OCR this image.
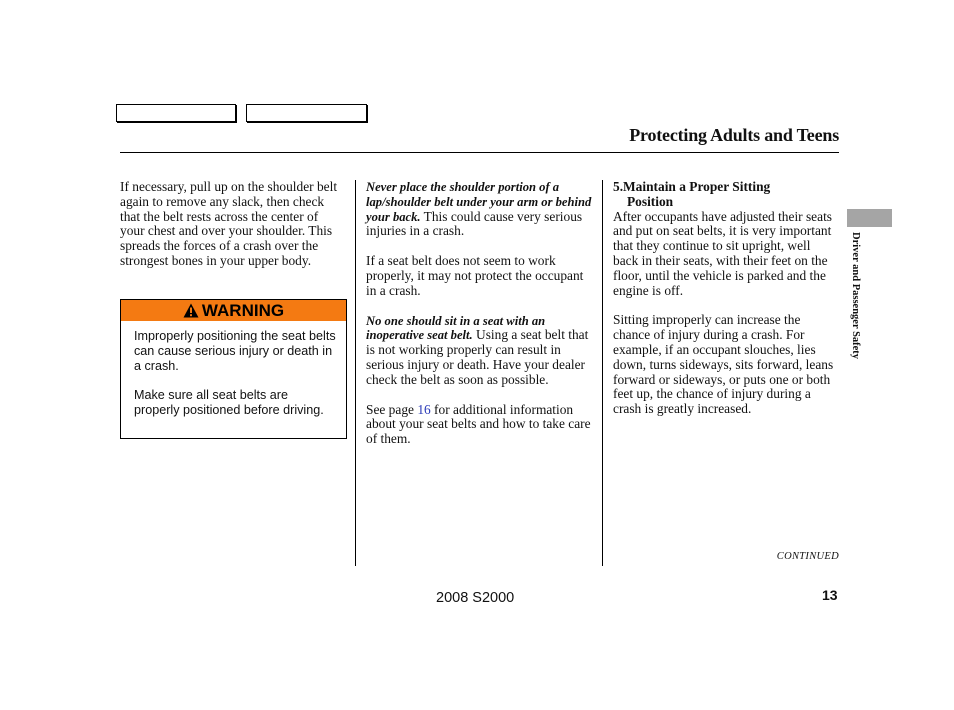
Protecting Adults and Teens

If necessary, pull up on the shoulder belt again to remove any slack, then check that the belt rests across the center of your chest and over your shoulder. This spreads the forces of a crash over the strongest bones in your upper body.

WARNING

Improperly positioning the seat belts can cause serious injury or death in a crash.

Make sure all seat belts are properly positioned before driving.

Never place the shoulder portion of a lap/shoulder belt under your arm or behind your back. This could cause very serious injuries in a crash.

If a seat belt does not seem to work properly, it may not protect the occupant in a crash.

No one should sit in a seat with an inoperative seat belt. Using a seat belt that is not working properly can result in serious injury or death. Have your dealer check the belt as soon as possible.

See page 16 for additional information about your seat belts and how to take care of them.

5.Maintain a Proper Sitting
Position

After occupants have adjusted their seats and put on seat belts, it is very important that they continue to sit upright, well back in their seats, with their feet on the floor, until the vehicle is parked and the engine is off.

Sitting improperly can increase the chance of injury during a crash. For example, if an occupant slouches, lies down, turns sideways, sits forward, leans forward or sideways, or puts one or both feet up, the chance of injury during a crash is greatly increased.

Driver and Passenger Safety
CONTINUED
2008 S2000	13
